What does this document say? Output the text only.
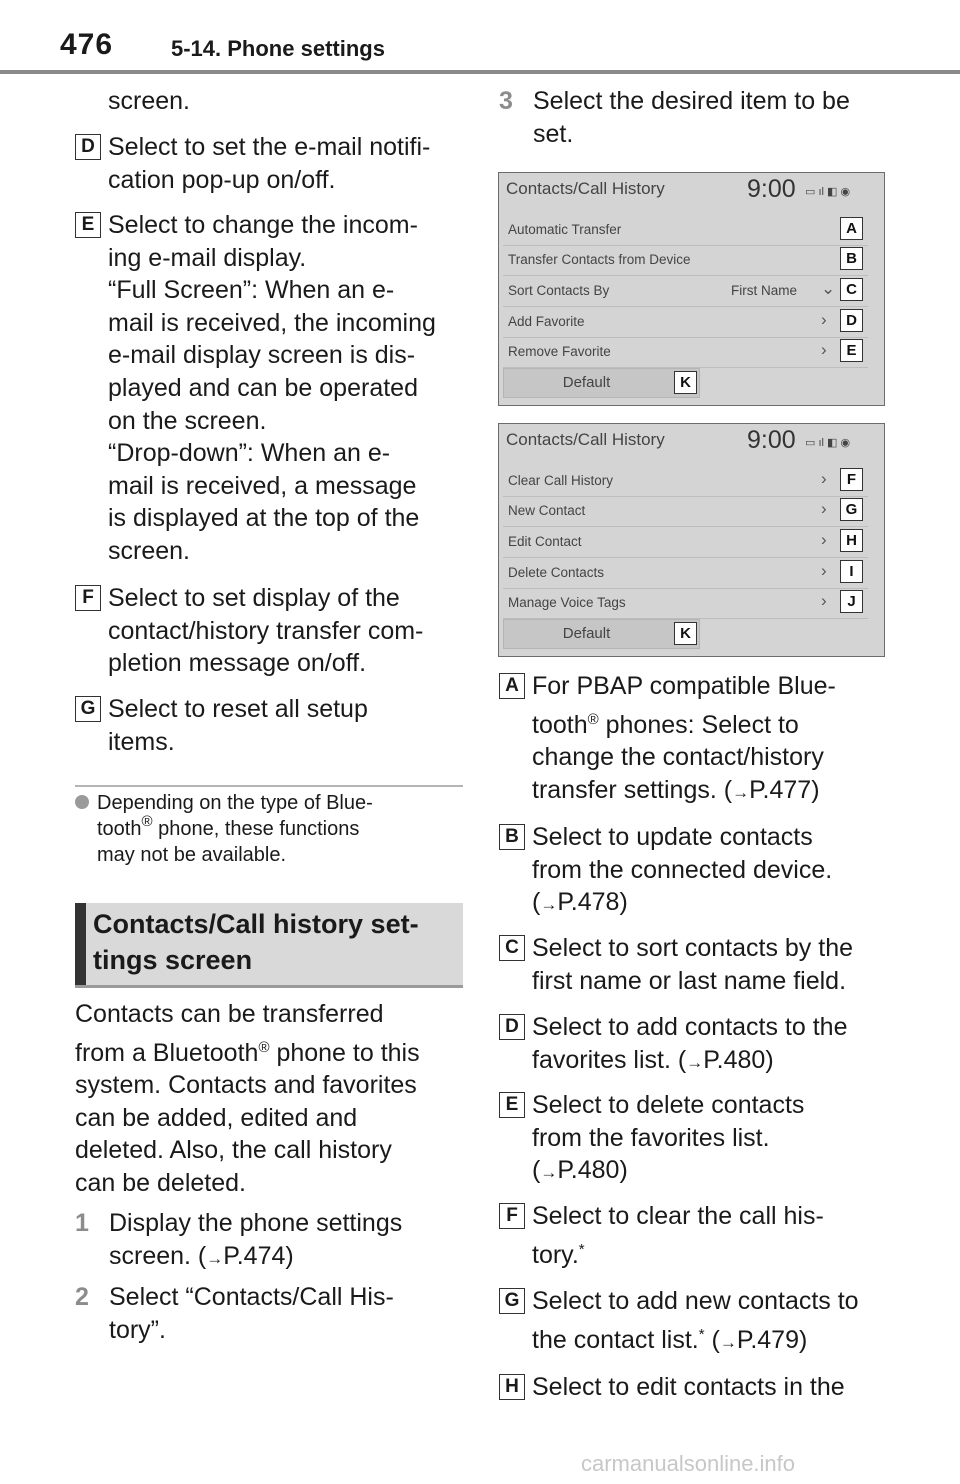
476	5-14. Phone settings
screen.
D Select to set the e-mail notifi-
cation pop-up on/off.
E Select to change the incom-
ing e-mail display.
“Full Screen”: When an e-
mail is received, the incoming
e-mail display screen is dis-
played and can be operated
on the screen.
“Drop-down”: When an e-
mail is received, a message
is displayed at the top of the
screen.
F Select to set display of the
contact/history transfer com-
pletion message on/off.
G Select to reset all setup
items.
Depending on the type of Blue-
tooth® phone, these functions
may not be available.
Contacts/Call history set-
tings screen
Contacts can be transferred
from a Bluetooth® phone to this
system. Contacts and favorites
can be added, edited and
deleted. Also, the call history
can be deleted.
1 Display the phone settings
screen. (→P.474)
2 Select “Contacts/Call His-
tory”.
3 Select the desired item to be
set.
Contacts/Call History	9:00 ▭ ıl ◧ ◉
Automatic Transfer	A
Transfer Contacts from Device	B
Sort Contacts By	First Name ⌄ C
Add Favorite	›	D
Remove Favorite	›	E
Default	K
Contacts/Call History	9:00 ▭ ıl ◧ ◉
Clear Call History	›	F
New Contact	›	G
Edit Contact	›	H
Delete Contacts	›	I
Manage Voice Tags	›	J
Default	K
A For PBAP compatible Blue-
tooth® phones: Select to
change the contact/history
transfer settings. (→P.477)
B Select to update contacts
from the connected device.
(→P.478)
C Select to sort contacts by the
first name or last name field.
D Select to add contacts to the
favorites list. (→P.480)
E Select to delete contacts
from the favorites list.
(→P.480)
F Select to clear the call his-
tory.*
G Select to add new contacts to
the contact list.* (→P.479)
H Select to edit contacts in the
carmanualsonline.info
